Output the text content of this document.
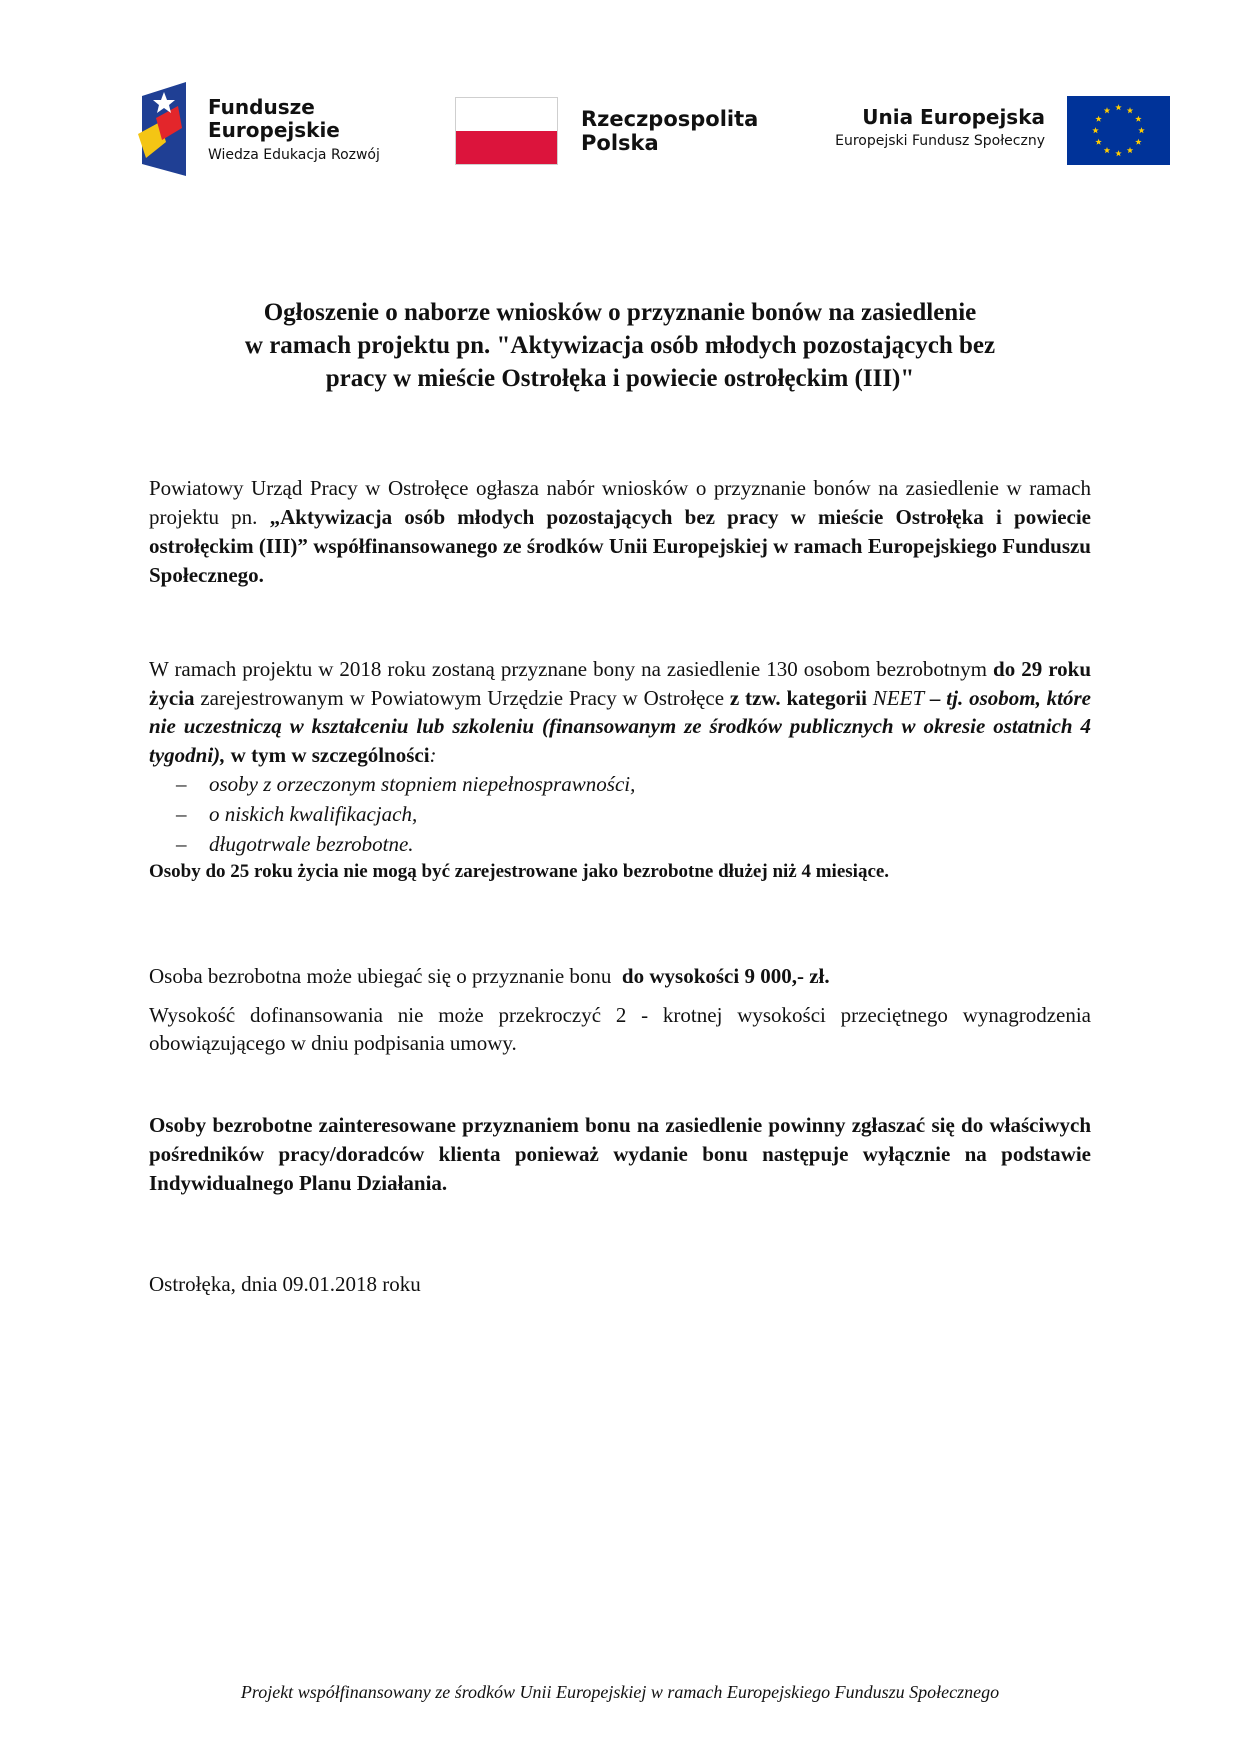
Fundusze
Europejskie
Wiedza Edukacja Rozwój
Rzeczpospolita
Polska
Unia Europejska
Europejski Fundusz Społeczny
Ogłoszenie o naborze wniosków o przyznanie bonów na zasiedlenie
w ramach projektu pn. "Aktywizacja osób młodych pozostających bez
pracy w mieście Ostrołęka i powiecie ostrołęckim (III)"

Powiatowy Urząd Pracy w Ostrołęce ogłasza nabór wniosków o przyznanie bonów na zasiedlenie w ramach projektu pn. „Aktywizacja osób młodych pozostających bez pracy w mieście Ostrołęka i powiecie ostrołęckim (III)” współfinansowanego ze środków Unii Europejskiej w ramach Europejskiego Funduszu Społecznego.

W ramach projektu w 2018 roku zostaną przyznane bony na zasiedlenie 130 osobom bezrobotnym do 29 roku życia zarejestrowanym w Powiatowym Urzędzie Pracy w Ostrołęce z tzw. kategorii NEET – tj. osobom, które nie uczestniczą w kształceniu lub szkoleniu (finansowanym ze środków publicznych w okresie ostatnich 4 tygodni), w tym w szczególności:
– osoby z orzeczonym stopniem niepełnosprawności,
– o niskich kwalifikacjach,
– długotrwale bezrobotne.
Osoby do 25 roku życia nie mogą być zarejestrowane jako bezrobotne dłużej niż 4 miesiące.

Osoba bezrobotna może ubiegać się o przyznanie bonu do wysokości 9 000,- zł.

Wysokość dofinansowania nie może przekroczyć 2 - krotnej wysokości przeciętnego wynagrodzenia obowiązującego w dniu podpisania umowy.

Osoby bezrobotne zainteresowane przyznaniem bonu na zasiedlenie powinny zgłaszać się do właściwych pośredników pracy/doradców klienta ponieważ wydanie bonu następuje wyłącznie na podstawie Indywidualnego Planu Działania.

Ostrołęka, dnia 09.01.2018 roku

Projekt współfinansowany ze środków Unii Europejskiej w ramach Europejskiego Funduszu Społecznego
